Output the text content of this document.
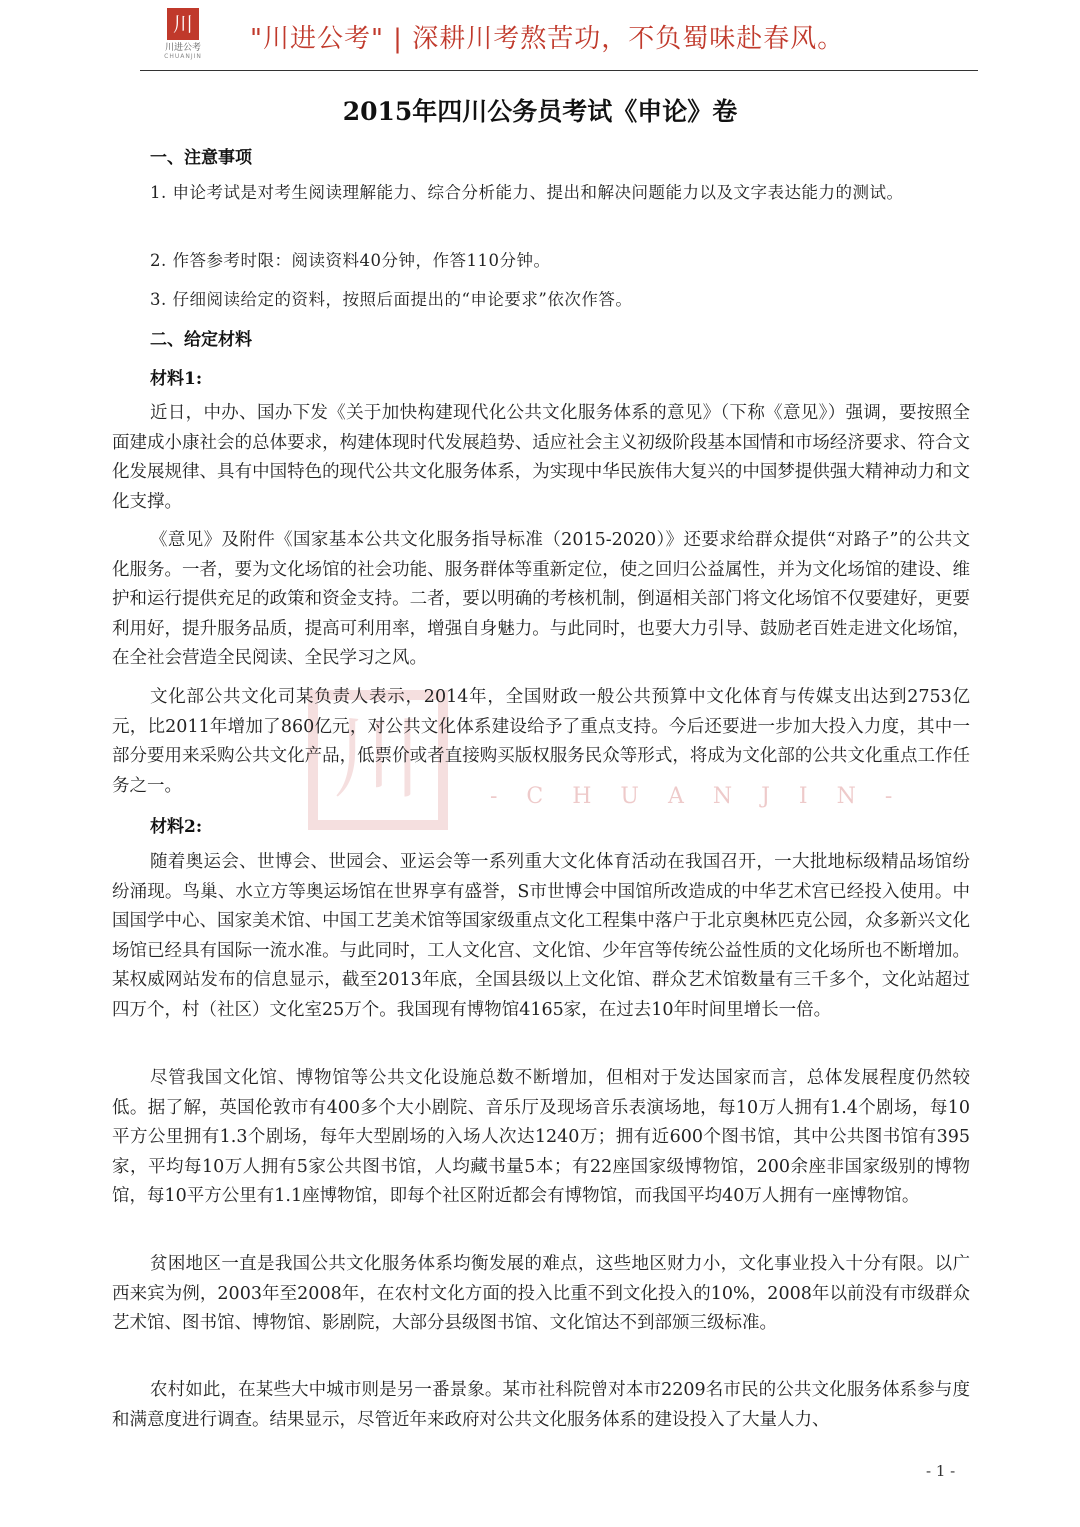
川
川进公考
CHUANJIN
"川进公考" | 深耕川考熬苦功，不负蜀味赴春风。
川	- C H U A N J I N -
2015年四川公务员考试《申论》卷
一、注意事项
1. 申论考试是对考生阅读理解能力、综合分析能力、提出和解决问题能力以及文字表达能力的测试。
2. 作答参考时限：阅读资料40分钟，作答110分钟。
3. 仔细阅读给定的资料，按照后面提出的“申论要求”依次作答。
二、给定材料
材料1:
近日，中办、国办下发《关于加快构建现代化公共文化服务体系的意见》（下称《意见》）强调，要按照全面建成小康社会的总体要求，构建体现时代发展趋势、适应社会主义初级阶段基本国情和市场经济要求、符合文化发展规律、具有中国特色的现代公共文化服务体系，为实现中华民族伟大复兴的中国梦提供强大精神动力和文化支撑。
《意见》及附件《国家基本公共文化服务指导标准（2015-2020）》还要求给群众提供“对路子”的公共文化服务。一者，要为文化场馆的社会功能、服务群体等重新定位，使之回归公益属性，并为文化场馆的建设、维护和运行提供充足的政策和资金支持。二者，要以明确的考核机制，倒逼相关部门将文化场馆不仅要建好，更要利用好，提升服务品质，提高可利用率，增强自身魅力。与此同时，也要大力引导、鼓励老百姓走进文化场馆，在全社会营造全民阅读、全民学习之风。
文化部公共文化司某负责人表示，2014年，全国财政一般公共预算中文化体育与传媒支出达到2753亿元，比2011年增加了860亿元，对公共文化体系建设给予了重点支持。今后还要进一步加大投入力度，其中一部分要用来采购公共文化产品，低票价或者直接购买版权服务民众等形式，将成为文化部的公共文化重点工作任务之一。
材料2:
随着奥运会、世博会、世园会、亚运会等一系列重大文化体育活动在我国召开，一大批地标级精品场馆纷纷涌现。鸟巢、水立方等奥运场馆在世界享有盛誉，S市世博会中国馆所改造成的中华艺术宫已经投入使用。中国国学中心、国家美术馆、中国工艺美术馆等国家级重点文化工程集中落户于北京奥林匹克公园，众多新兴文化场馆已经具有国际一流水准。与此同时，工人文化宫、文化馆、少年宫等传统公益性质的文化场所也不断增加。某权威网站发布的信息显示，截至2013年底，全国县级以上文化馆、群众艺术馆数量有三千多个，文化站超过四万个，村（社区）文化室25万个。我国现有博物馆4165家，在过去10年时间里增长一倍。
尽管我国文化馆、博物馆等公共文化设施总数不断增加，但相对于发达国家而言，总体发展程度仍然较低。据了解，英国伦敦市有400多个大小剧院、音乐厅及现场音乐表演场地，每10万人拥有1.4个剧场，每10平方公里拥有1.3个剧场，每年大型剧场的入场人次达1240万；拥有近600个图书馆，其中公共图书馆有395家，平均每10万人拥有5家公共图书馆，人均藏书量5本；有22座国家级博物馆，200余座非国家级别的博物馆，每10平方公里有1.1座博物馆，即每个社区附近都会有博物馆，而我国平均40万人拥有一座博物馆。
贫困地区一直是我国公共文化服务体系均衡发展的难点，这些地区财力小，文化事业投入十分有限。以广西来宾为例，2003年至2008年，在农村文化方面的投入比重不到文化投入的10%，2008年以前没有市级群众艺术馆、图书馆、博物馆、影剧院，大部分县级图书馆、文化馆达不到部颁三级标准。
农村如此，在某些大中城市则是另一番景象。某市社科院曾对本市2209名市民的公共文化服务体系参与度和满意度进行调查。结果显示，尽管近年来政府对公共文化服务体系的建设投入了大量人力、
- 1 -
